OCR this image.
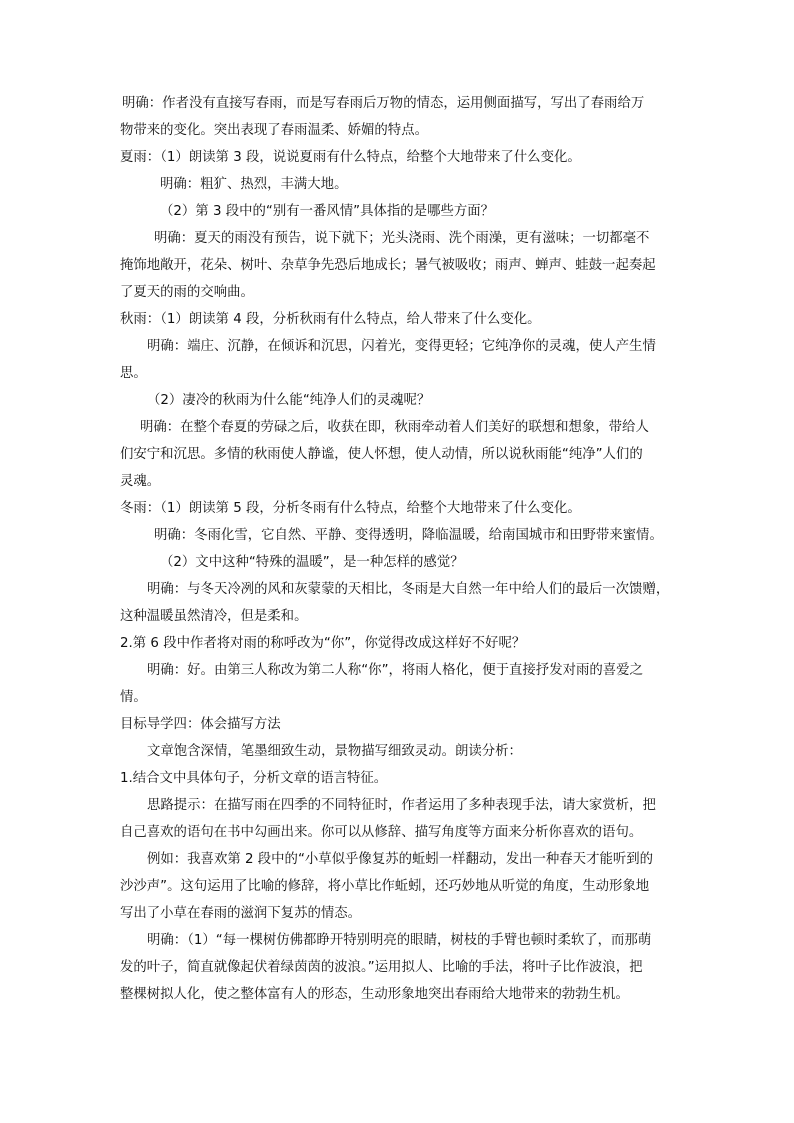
明确：作者没有直接写春雨，而是写春雨后万物的情态，运用侧面描写，写出了春雨给万
物带来的变化。突出表现了春雨温柔、娇媚的特点。
夏雨：（1）朗读第 3 段，说说夏雨有什么特点，给整个大地带来了什么变化。
明确：粗犷、热烈，丰满大地。
（2）第 3 段中的“别有一番风情”具体指的是哪些方面？
明确：夏天的雨没有预告，说下就下；光头浇雨、洗个雨澡，更有滋味；一切都毫不
掩饰地敞开，花朵、树叶、杂草争先恐后地成长；暑气被吸收；雨声、蝉声、蛙鼓一起奏起
了夏天的雨的交响曲。
秋雨：（1）朗读第 4 段，分析秋雨有什么特点，给人带来了什么变化。
明确：端庄、沉静，在倾诉和沉思，闪着光，变得更轻；它纯净你的灵魂，使人产生情
思。
（2）凄冷的秋雨为什么能“纯净人们的灵魂呢？
明确：在整个春夏的劳碌之后，收获在即，秋雨牵动着人们美好的联想和想象，带给人
们安宁和沉思。多情的秋雨使人静谧，使人怀想，使人动情，所以说秋雨能“纯净”人们的
灵魂。
冬雨：（1）朗读第 5 段，分析冬雨有什么特点，给整个大地带来了什么变化。
明确：冬雨化雪，它自然、平静、变得透明，降临温暖，给南国城市和田野带来蜜情。
（2）文中这种“特殊的温暖”，是一种怎样的感觉？
明确：与冬天冷冽的风和灰蒙蒙的天相比，冬雨是大自然一年中给人们的最后一次馈赠，
这种温暖虽然清冷，但是柔和。
2.第 6 段中作者将对雨的称呼改为“你”，你觉得改成这样好不好呢？
明确：好。由第三人称改为第二人称“你”，将雨人格化，便于直接抒发对雨的喜爱之
情。
目标导学四：体会描写方法
文章饱含深情，笔墨细致生动，景物描写细致灵动。朗读分析：
1.结合文中具体句子，分析文章的语言特征。
思路提示：在描写雨在四季的不同特征时，作者运用了多种表现手法，请大家赏析，把
自己喜欢的语句在书中勾画出来。你可以从修辞、描写角度等方面来分析你喜欢的语句。
例如：我喜欢第 2 段中的“小草似乎像复苏的蚯蚓一样翻动，发出一种春天才能听到的
沙沙声”。这句运用了比喻的修辞，将小草比作蚯蚓，还巧妙地从听觉的角度，生动形象地
写出了小草在春雨的滋润下复苏的情态。
明确：（1）“每一棵树仿佛都睁开特别明亮的眼睛，树枝的手臂也顿时柔软了，而那萌
发的叶子，简直就像起伏着绿茵茵的波浪。”运用拟人、比喻的手法，将叶子比作波浪，把
整棵树拟人化，使之整体富有人的形态，生动形象地突出春雨给大地带来的勃勃生机。
